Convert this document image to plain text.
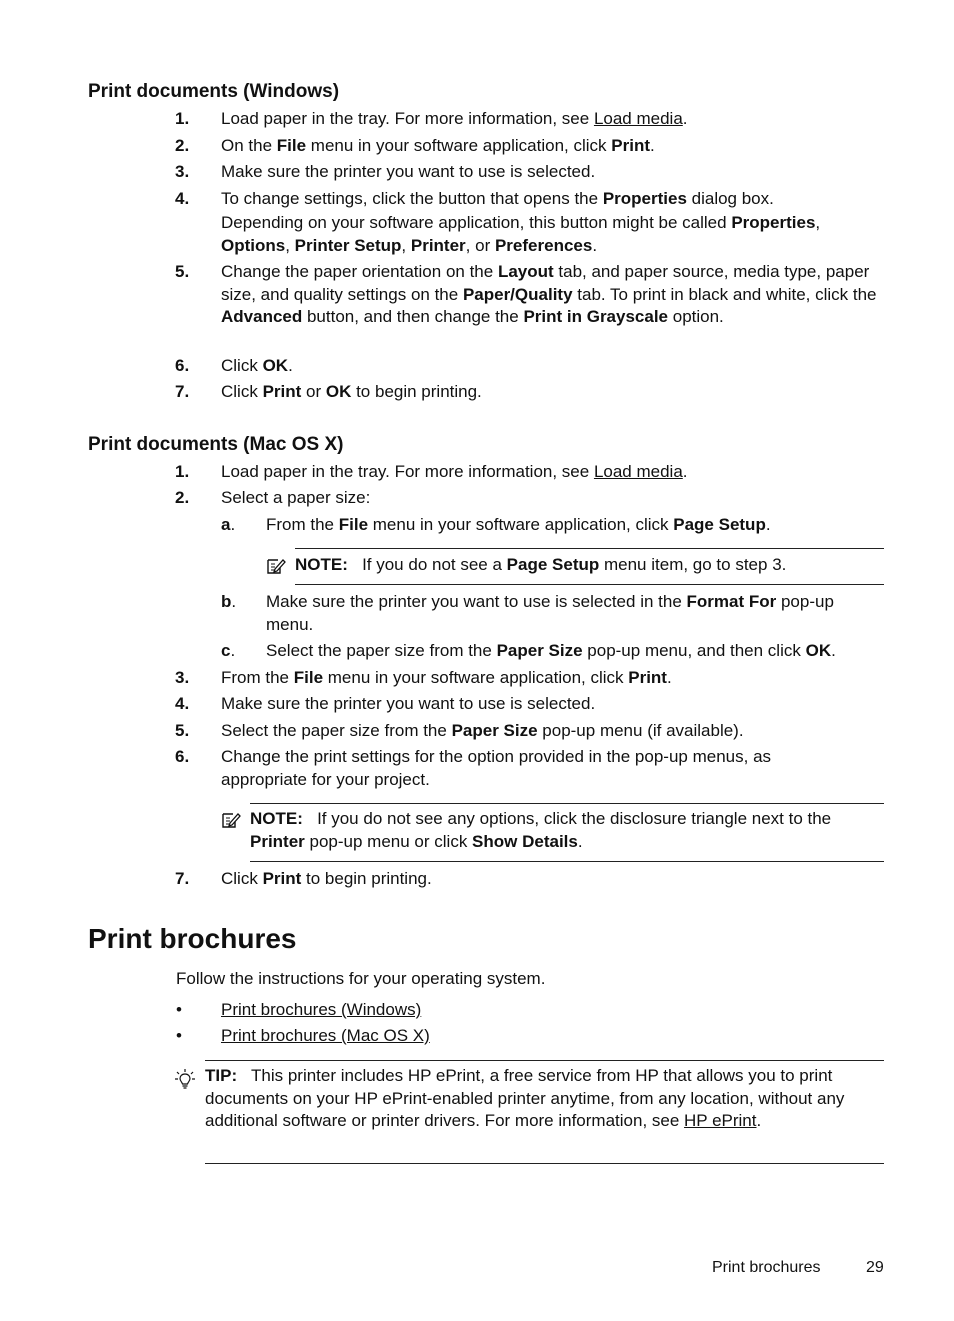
Print documents (Windows)
1. Load paper in the tray. For more information, see Load media.
2. On the File menu in your software application, click Print.
3. Make sure the printer you want to use is selected.
4. To change settings, click the button that opens the Properties dialog box.
Depending on your software application, this button might be called Properties, Options, Printer Setup, Printer, or Preferences.
5. Change the paper orientation on the Layout tab, and paper source, media type, paper size, and quality settings on the Paper/Quality tab. To print in black and white, click the Advanced button, and then change the Print in Grayscale option.
6. Click OK.
7. Click Print or OK to begin printing.
Print documents (Mac OS X)
1. Load paper in the tray. For more information, see Load media.
2. Select a paper size:
a. From the File menu in your software application, click Page Setup.
NOTE: If you do not see a Page Setup menu item, go to step 3.
b. Make sure the printer you want to use is selected in the Format For pop-up menu.
c. Select the paper size from the Paper Size pop-up menu, and then click OK.
3. From the File menu in your software application, click Print.
4. Make sure the printer you want to use is selected.
5. Select the paper size from the Paper Size pop-up menu (if available).
6. Change the print settings for the option provided in the pop-up menus, as appropriate for your project.
NOTE: If you do not see any options, click the disclosure triangle next to the Printer pop-up menu or click Show Details.
7. Click Print to begin printing.
Print brochures
Follow the instructions for your operating system.
• Print brochures (Windows)
• Print brochures (Mac OS X)
TIP: This printer includes HP ePrint, a free service from HP that allows you to print documents on your HP ePrint-enabled printer anytime, from any location, without any additional software or printer drivers. For more information, see HP ePrint.
Print brochures	29
